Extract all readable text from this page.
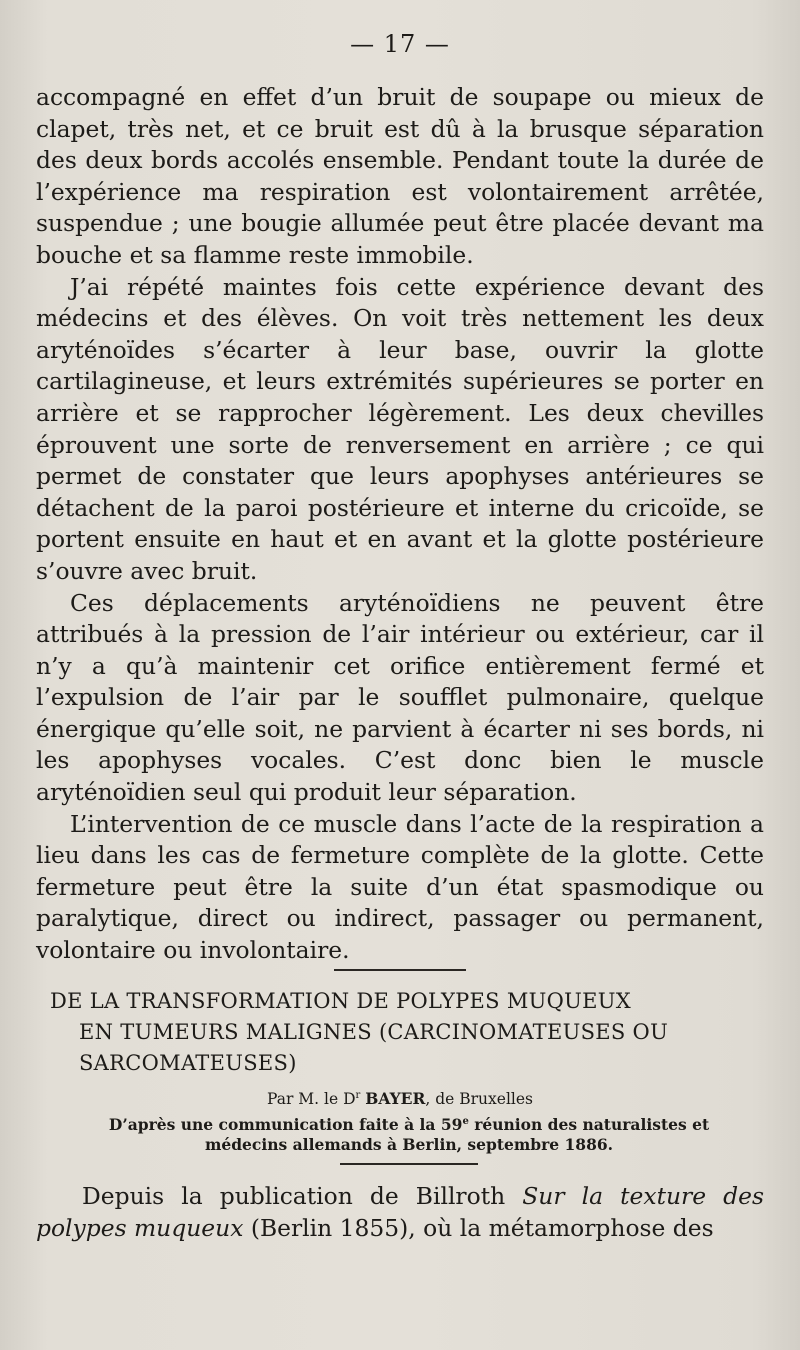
— 17 —

accompagné en effet d’un bruit de soupape ou mieux de clapet, très net, et ce bruit est dû à la brusque séparation des deux bords accolés ensemble. Pendant toute la durée de l’expérience ma respiration est volontairement arrêtée, suspendue ; une bougie allumée peut être placée devant ma bouche et sa flamme reste immobile.

J’ai répété maintes fois cette expérience devant des médecins et des élèves. On voit très nettement les deux aryténoïdes s’écarter à leur base, ouvrir la glotte cartilagineuse, et leurs extrémités supérieures se porter en arrière et se rapprocher légèrement. Les deux chevilles éprouvent une sorte de renversement en arrière ; ce qui permet de constater que leurs apophyses antérieures se détachent de la paroi postérieure et interne du cricoïde, se portent ensuite en haut et en avant et la glotte postérieure s’ouvre avec bruit.

Ces déplacements aryténoïdiens ne peuvent être attribués à la pression de l’air intérieur ou extérieur, car il n’y a qu’à maintenir cet orifice entièrement fermé et l’expulsion de l’air par le soufflet pulmonaire, quelque énergique qu’elle soit, ne parvient à écarter ni ses bords, ni les apophyses vocales. C’est donc bien le muscle aryténoïdien seul qui produit leur séparation.

L’intervention de ce muscle dans l’acte de la respiration a lieu dans les cas de fermeture complète de la glotte. Cette fermeture peut être la suite d’un état spasmodique ou paralytique, direct ou indirect, passager ou permanent, volontaire ou involontaire.

DE LA TRANSFORMATION DE POLYPES MUQUEUX
EN TUMEURS MALIGNES (CARCINOMATEUSES OU
SARCOMATEUSES)
Par M. le $D^r$ BAYER, de Bruxelles
D’après une communication faite à la 59e réunion des naturalistes et
médecins allemands à Berlin, septembre 1886.

Depuis la publication de Billroth Sur la texture des polypes muqueux (Berlin 1855), où la métamorphose des
